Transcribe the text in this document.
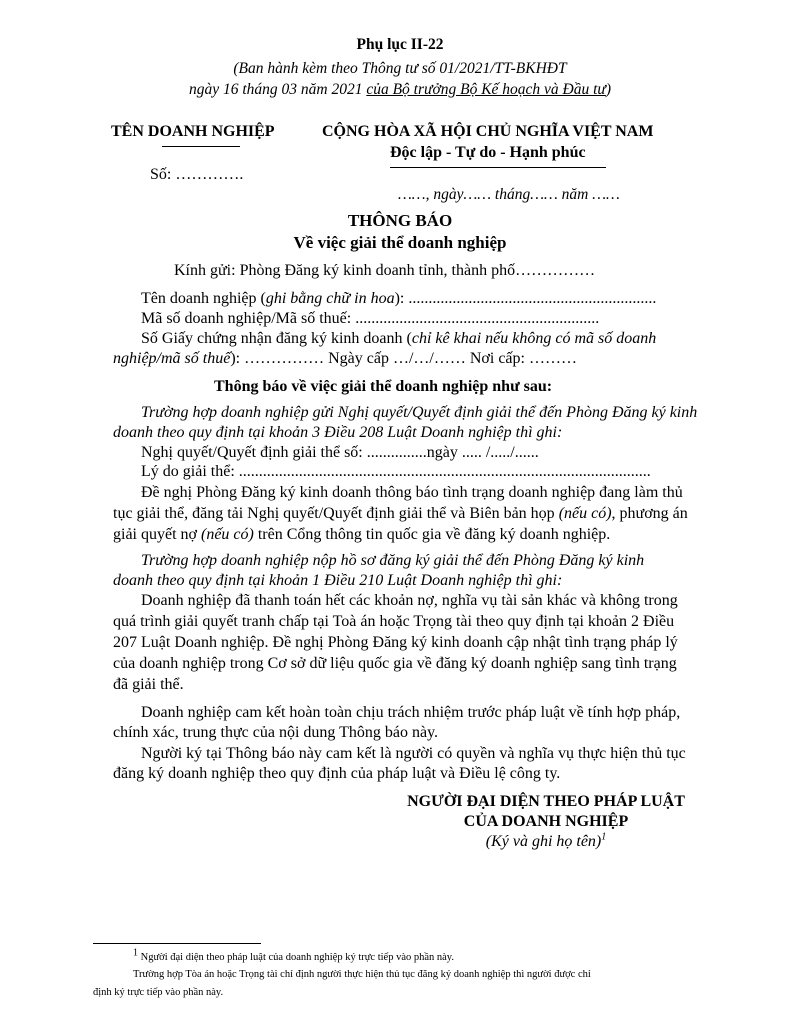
Phụ lục II-22
(Ban hành kèm theo Thông tư số 01/2021/TT-BKHĐT
ngày 16 tháng 03 năm 2021 của Bộ trưởng Bộ Kế hoạch và Đầu tư)
TÊN DOANH NGHIỆP
Số: ………….
CỘNG HÒA XÃ HỘI CHỦ NGHĨA VIỆT NAM
Độc lập - Tự do - Hạnh phúc
……, ngày…… tháng…… năm ……
THÔNG BÁO
Về việc giải thể doanh nghiệp
Kính gửi: Phòng Đăng ký kinh doanh tỉnh, thành phố……………
Tên doanh nghiệp (ghi bằng chữ in hoa): ..............................................................
Mã số doanh nghiệp/Mã số thuế: .............................................................
Số Giấy chứng nhận đăng ký kinh doanh (chỉ kê khai nếu không có mã số doanh
nghiệp/mã số thuế): …………… Ngày cấp …/…/…… Nơi cấp: ………
Thông báo về việc giải thể doanh nghiệp như sau:
Trường hợp doanh nghiệp gửi Nghị quyết/Quyết định giải thể đến Phòng Đăng ký kinh
doanh theo quy định tại khoản 3 Điều 208 Luật Doanh nghiệp thì ghi:
Nghị quyết/Quyết định giải thể số: ...............ngày ..... /...../......
Lý do giải thể: .......................................................................................................
Đề nghị Phòng Đăng ký kinh doanh thông báo tình trạng doanh nghiệp đang làm thủ
tục giải thể, đăng tải Nghị quyết/Quyết định giải thể và Biên bản họp (nếu có), phương án
giải quyết nợ (nếu có) trên Cổng thông tin quốc gia về đăng ký doanh nghiệp.
Trường hợp doanh nghiệp nộp hồ sơ đăng ký giải thể đến Phòng Đăng ký kinh
doanh theo quy định tại khoản 1 Điều 210 Luật Doanh nghiệp thì ghi:
Doanh nghiệp đã thanh toán hết các khoản nợ, nghĩa vụ tài sản khác và không trong
quá trình giải quyết tranh chấp tại Toà án hoặc Trọng tài theo quy định tại khoản 2 Điều
207 Luật Doanh nghiệp. Đề nghị Phòng Đăng ký kinh doanh cập nhật tình trạng pháp lý
của doanh nghiệp trong Cơ sở dữ liệu quốc gia về đăng ký doanh nghiệp sang tình trạng
đã giải thể.
Doanh nghiệp cam kết hoàn toàn chịu trách nhiệm trước pháp luật về tính hợp pháp,
chính xác, trung thực của nội dung Thông báo này.
Người ký tại Thông báo này cam kết là người có quyền và nghĩa vụ thực hiện thủ tục
đăng ký doanh nghiệp theo quy định của pháp luật và Điều lệ công ty.
NGƯỜI ĐẠI DIỆN THEO PHÁP LUẬT
CỦA DOANH NGHIỆP
(Ký và ghi họ tên)$^1$
$^1$ Người đại diện theo pháp luật của doanh nghiệp ký trực tiếp vào phần này.
Trường hợp Tòa án hoặc Trọng tài chỉ định người thực hiện thủ tục đăng ký doanh nghiệp thì người được chỉ
định ký trực tiếp vào phần này.
